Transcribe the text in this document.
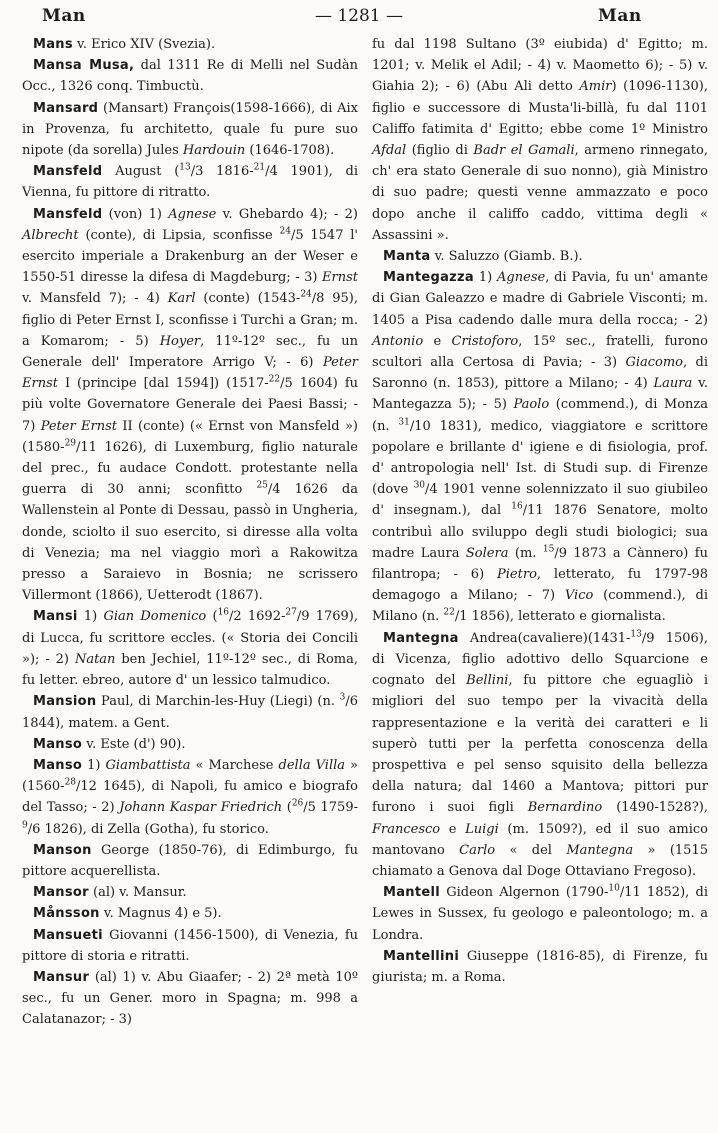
Man	— 1281 —	Man

Mans v. Erico XIV (Svezia).

Mansa Musa, dal 1311 Re di Melli nel Sudàn Occ., 1326 conq. Timbuctù.

Mansard (Mansart) François(1598-1666), di Aix in Provenza, fu architetto, quale fu pure suo nipote (da sorella) Jules Hardouin (1646-1708).

Mansfeld August ($^{13}$/3 1816-$^{21}$/4 1901), di Vienna, fu pittore di ritratto.

Mansfeld (von) 1) Agnese v. Ghebardo 4); - 2) Albrecht (conte), di Lipsia, sconfisse $^{24}$/5 1547 l' esercito imperiale a Drakenburg an der Weser e 1550-51 diresse la difesa di Magdeburg; - 3) Ernst v. Mansfeld 7); - 4) Karl (conte) (1543-$^{24}$/8 95), figlio di Peter Ernst I, sconfisse i Turchi a Gran; m. a Komarom; - 5) Hoyer, 11º-12º sec., fu un Generale dell' Imperatore Arrigo V; - 6) Peter Ernst I (principe [dal 1594]) (1517-$^{22}$/5 1604) fu più volte Governatore Generale dei Paesi Bassi; - 7) Peter Ernst II (conte) (« Ernst von Mansfeld ») (1580-$^{29}$/11 1626), di Luxemburg, figlio naturale del prec., fu audace Condott. protestante nella guerra di 30 anni; sconfitto $^{25}$/4 1626 da Wallenstein al Ponte di Dessau, passò in Ungheria, donde, sciolto il suo esercito, si diresse alla volta di Venezia; ma nel viaggio morì a Rakowitza presso a Saraievo in Bosnia; ne scrissero Villermont (1866), Uetterodt (1867).

Mansi 1) Gian Domenico ($^{16}$/2 1692-$^{27}$/9 1769), di Lucca, fu scrittore eccles. (« Storia dei Concili »); - 2) Natan ben Jechiel, 11º-12º sec., di Roma, fu letter. ebreo, autore d' un lessico talmudico.

Mansion Paul, di Marchin-les-Huy (Liegi) (n. $^3$/6 1844), matem. a Gent.

Manso v. Este (d') 90).

Manso 1) Giambattista « Marchese della Villa » (1560-$^{28}$/12 1645), di Napoli, fu amico e biografo del Tasso; - 2) Johann Kaspar Friedrich ($^{26}$/5 1759-$^9$/6 1826), di Zella (Gotha), fu storico.

Manson George (1850-76), di Edimburgo, fu pittore acquerellista.

Mansor (al) v. Mansur.

Månsson v. Magnus 4) e 5).

Mansueti Giovanni (1456-1500), di Venezia, fu pittore di storia e ritratti.

Mansur (al) 1) v. Abu Giaafer; - 2) 2ª metà 10º sec., fu un Gener. moro in Spagna; m. 998 a Calatanazor; - 3)

fu dal 1198 Sultano (3º eiubida) d' Egitto; m. 1201; v. Melik el Adil; - 4) v. Maometto 6); - 5) v. Giahia 2); - 6) (Abu Ali detto Amir) (1096-1130), figlio e successore di Musta'li-billà, fu dal 1101 Califfo fatimita d' Egitto; ebbe come 1º Ministro Afdal (figlio di Badr el Gamali, armeno rinnegato, ch' era stato Generale di suo nonno), già Ministro di suo padre; questi venne ammazzato e poco dopo anche il califfo caddo, vittima degli « Assassini ».

Manta v. Saluzzo (Giamb. B.).

Mantegazza 1) Agnese, di Pavia, fu un' amante di Gian Galeazzo e madre di Gabriele Visconti; m. 1405 a Pisa cadendo dalle mura della rocca; - 2) Antonio e Cristoforo, 15º sec., fratelli, furono scultori alla Certosa di Pavia; - 3) Giacomo, di Saronno (n. 1853), pittore a Milano; - 4) Laura v. Mantegazza 5); - 5) Paolo (commend.), di Monza (n. $^{31}$/10 1831), medico, viaggiatore e scrittore popolare e brillante d' igiene e di fisiologia, prof. d' antropologia nell' Ist. di Studi sup. di Firenze (dove $^{30}$/4 1901 venne solennizzato il suo giubileo d' insegnam.), dal $^{16}$/11 1876 Senatore, molto contribuì allo sviluppo degli studi biologici; sua madre Laura Solera (m. $^{15}$/9 1873 a Cànnero) fu filantropa; - 6) Pietro, letterato, fu 1797-98 demagogo a Milano; - 7) Vico (commend.), di Milano (n. $^{22}$/1 1856), letterato e giornalista.

Mantegna Andrea(cavaliere)(1431-$^{13}$/9 1506), di Vicenza, figlio adottivo dello Squarcione e cognato del Bellini, fu pittore che eguagliò i migliori del suo tempo per la vivacità della rappresentazione e la verità dei caratteri e li superò tutti per la perfetta conoscenza della prospettiva e pel senso squisito della bellezza della natura; dal 1460 a Mantova; pittori pur furono i suoi figli Bernardino (1490-1528?), Francesco e Luigi (m. 1509?), ed il suo amico mantovano Carlo « del Mantegna » (1515 chiamato a Genova dal Doge Ottaviano Fregoso).

Mantell Gideon Algernon (1790-$^{10}$/11 1852), di Lewes in Sussex, fu geologo e paleontologo; m. a Londra.

Mantellini Giuseppe (1816-85), di Firenze, fu giurista; m. a Roma.
